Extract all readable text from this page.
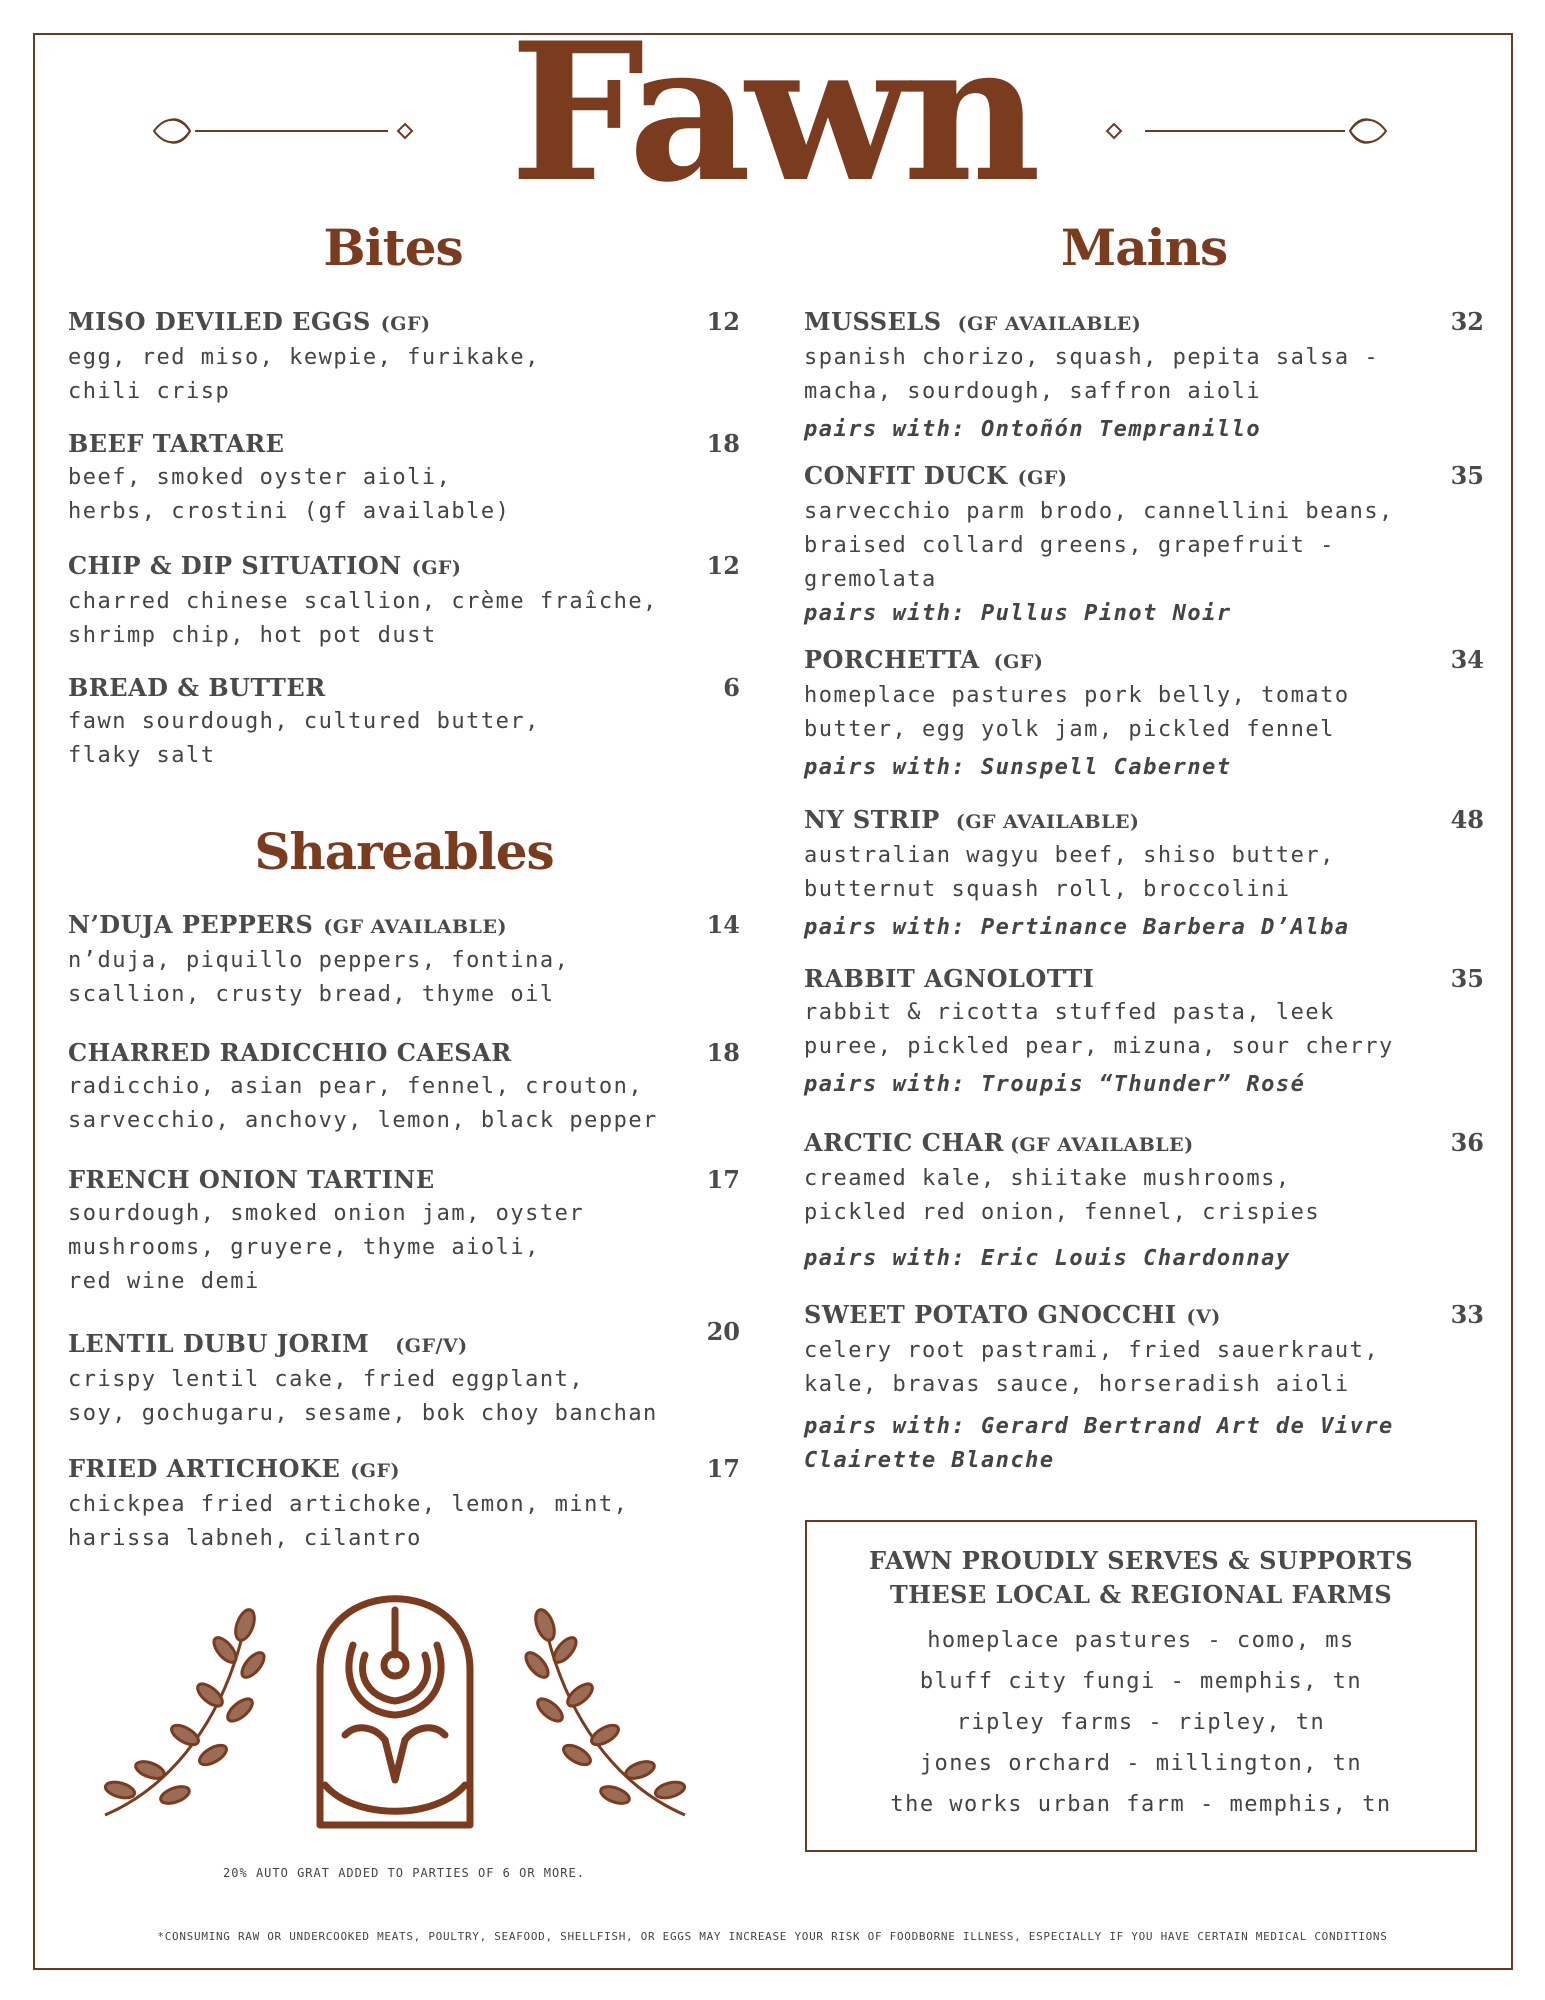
Fawn
Bites	Mains
Shareables
MISO DEVILED EGGS (GF)	12
egg, red miso, kewpie, furikake,
chili crisp
BEEF TARTARE	18
beef, smoked oyster aioli,
herbs, crostini (gf available)
CHIP & DIP SITUATION (GF)	12
charred chinese scallion, crème fraîche,
shrimp chip, hot pot dust
BREAD & BUTTER	6
fawn sourdough, cultured butter,
flaky salt
N’DUJA PEPPERS (GF AVAILABLE)	14
n’duja, piquillo peppers, fontina,
scallion, crusty bread, thyme oil
CHARRED RADICCHIO CAESAR	18
radicchio, asian pear, fennel, crouton,
sarvecchio, anchovy, lemon, black pepper
FRENCH ONION TARTINE	17
sourdough, smoked onion jam, oyster
mushrooms, gruyere, thyme aioli,
red wine demi
LENTIL DUBU JORIM (GF/V)	20
crispy lentil cake, fried eggplant,
soy, gochugaru, sesame, bok choy banchan
FRIED ARTICHOKE (GF)	17
chickpea fried artichoke, lemon, mint,
harissa labneh, cilantro
MUSSELS (GF AVAILABLE)	32
spanish chorizo, squash, pepita salsa -
macha, sourdough, saffron aioli
pairs with: Ontoñón Tempranillo
CONFIT DUCK (GF)	35
sarvecchio parm brodo, cannellini beans,
braised collard greens, grapefruit -
gremolata
pairs with: Pullus Pinot Noir
PORCHETTA (GF)	34
homeplace pastures pork belly, tomato
butter, egg yolk jam, pickled fennel
pairs with: Sunspell Cabernet
NY STRIP (GF AVAILABLE)	48
australian wagyu beef, shiso butter,
butternut squash roll, broccolini
pairs with: Pertinance Barbera D’Alba
RABBIT AGNOLOTTI	35
rabbit & ricotta stuffed pasta, leek
puree, pickled pear, mizuna, sour cherry
pairs with: Troupis “Thunder” Rosé
ARCTIC CHAR (GF AVAILABLE)	36
creamed kale, shiitake mushrooms,
pickled red onion, fennel, crispies
pairs with: Eric Louis Chardonnay
SWEET POTATO GNOCCHI (V)	33
celery root pastrami, fried sauerkraut,
kale, bravas sauce, horseradish aioli
pairs with: Gerard Bertrand Art de Vivre
Clairette Blanche
FAWN PROUDLY SERVES & SUPPORTS
THESE LOCAL & REGIONAL FARMS
homeplace pastures - como, ms
bluff city fungi - memphis, tn
ripley farms - ripley, tn
jones orchard - millington, tn
the works urban farm - memphis, tn
20% AUTO GRAT ADDED TO PARTIES OF 6 OR MORE.
*CONSUMING RAW OR UNDERCOOKED MEATS, POULTRY, SEAFOOD, SHELLFISH, OR EGGS MAY INCREASE YOUR RISK OF FOODBORNE ILLNESS, ESPECIALLY IF YOU HAVE CERTAIN MEDICAL CONDITIONS
